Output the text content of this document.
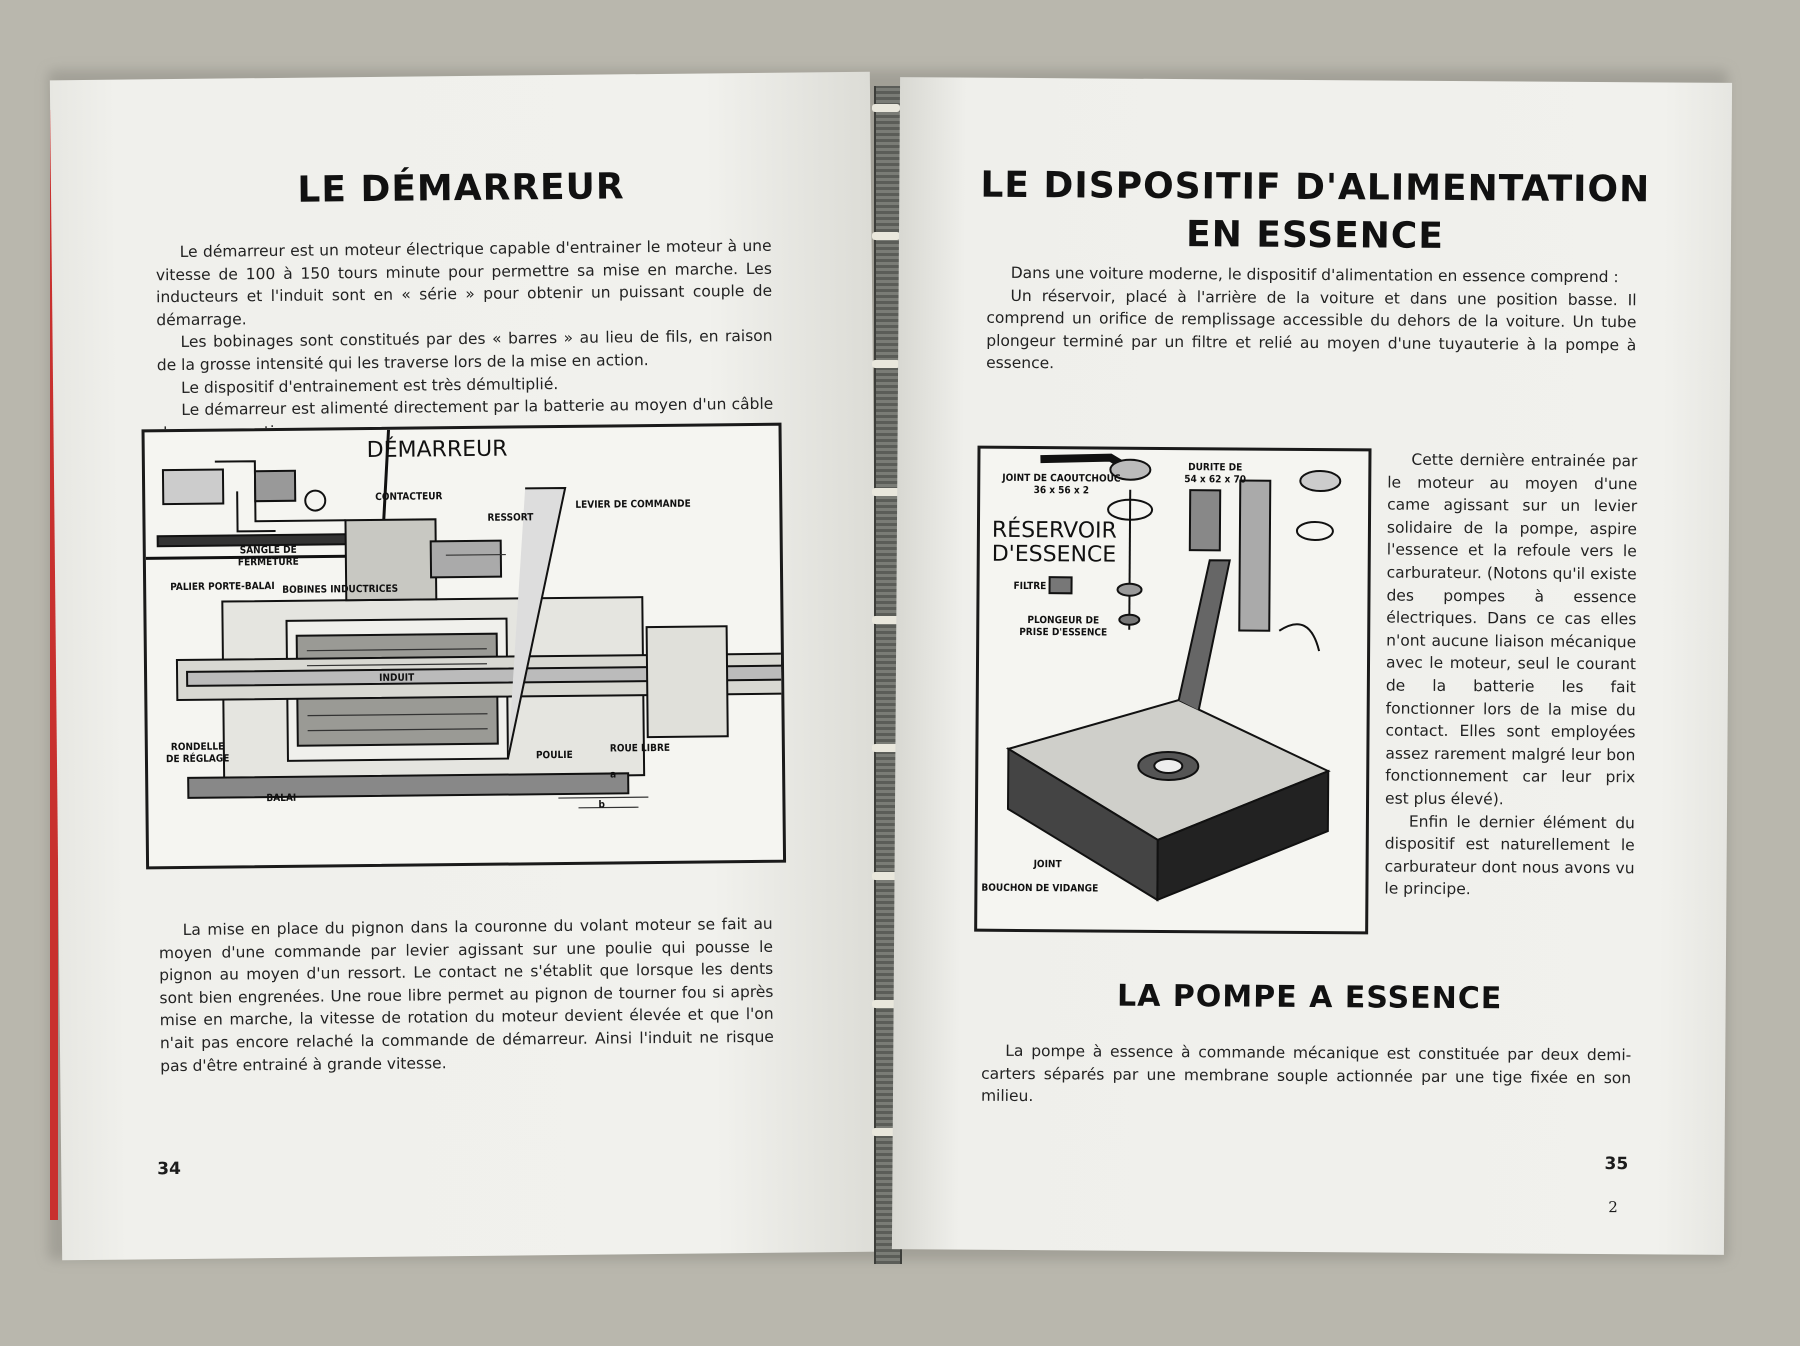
LE DÉMARREUR

Le démarreur est un moteur électrique capable d'entrainer le moteur à une vitesse de 100 à 150 tours minute pour permettre sa mise en marche. Les inducteurs et l'induit sont en « série » pour obtenir un puissant couple de démarrage.

Les bobinages sont constitués par des « barres » au lieu de fils, en raison de la grosse intensité qui les traverse lors de la mise en action.

Le dispositif d'entrainement est très démultiplié.

Le démarreur est alimenté directement par la batterie au moyen d'un câble

DÉMARREUR
CONTACTEUR
RESSORT
LEVIER DE COMMANDE
SANGLE DE
FERMETURE
PALIER PORTE-BALAI BOBINES INDUCTRICES
INDUIT
RONDELLE
DE RÉGLAGE	POULIE
ROUE LIBRE
BALAI
a
b

La mise en place du pignon dans la couronne du volant moteur se fait au moyen d'une commande par levier agissant sur une poulie qui pousse le pignon au moyen d'un ressort. Le contact ne s'établit que lorsque les dents sont bien engrenées. Une roue libre permet au pignon de tourner fou si après mise en marche, la vitesse de rotation du moteur devient élevée et que l'on n'ait pas encore relaché la commande de démarreur. Ainsi l'induit ne risque pas d'être entrainé à grande vitesse.

34
LE DISPOSITIF D'ALIMENTATION
EN ESSENCE

Dans une voiture moderne, le dispositif d'alimentation en essence comprend :

Un réservoir, placé à l'arrière de la voiture et dans une position basse. Il comprend un orifice de remplissage accessible du dehors de la voiture. Un tube plongeur terminé par un filtre et relié au moyen d'une tuyauterie à la pompe à essence.

RÉSERVOIR
D'ESSENCE
JOINT DE CAOUTCHOUC
36 x 56 x 2
DURITE DE
54 x 62 x 70
FILTRE
PLONGEUR DE
PRISE D'ESSENCE
JOINT
BOUCHON DE VIDANGE

Cette dernière entrainée par le moteur au moyen d'une came agissant sur un levier solidaire de la pompe, aspire l'essence et la refoule vers le carburateur. (Notons qu'il existe des pompes à essence électriques. Dans ce cas elles n'ont aucune liaison mécanique avec le moteur, seul le courant de la batterie les fait fonctionner lors de la mise du contact. Elles sont employées assez rarement malgré leur bon fonctionnement car leur prix est plus élevé).

Enfin le dernier élément du dispositif est naturellement le carburateur dont nous avons vu le principe.

LA POMPE A ESSENCE

La pompe à essence à commande mécanique est constituée par deux demi-carters séparés par une membrane souple actionnée par une tige fixée en son milieu.

35
2
